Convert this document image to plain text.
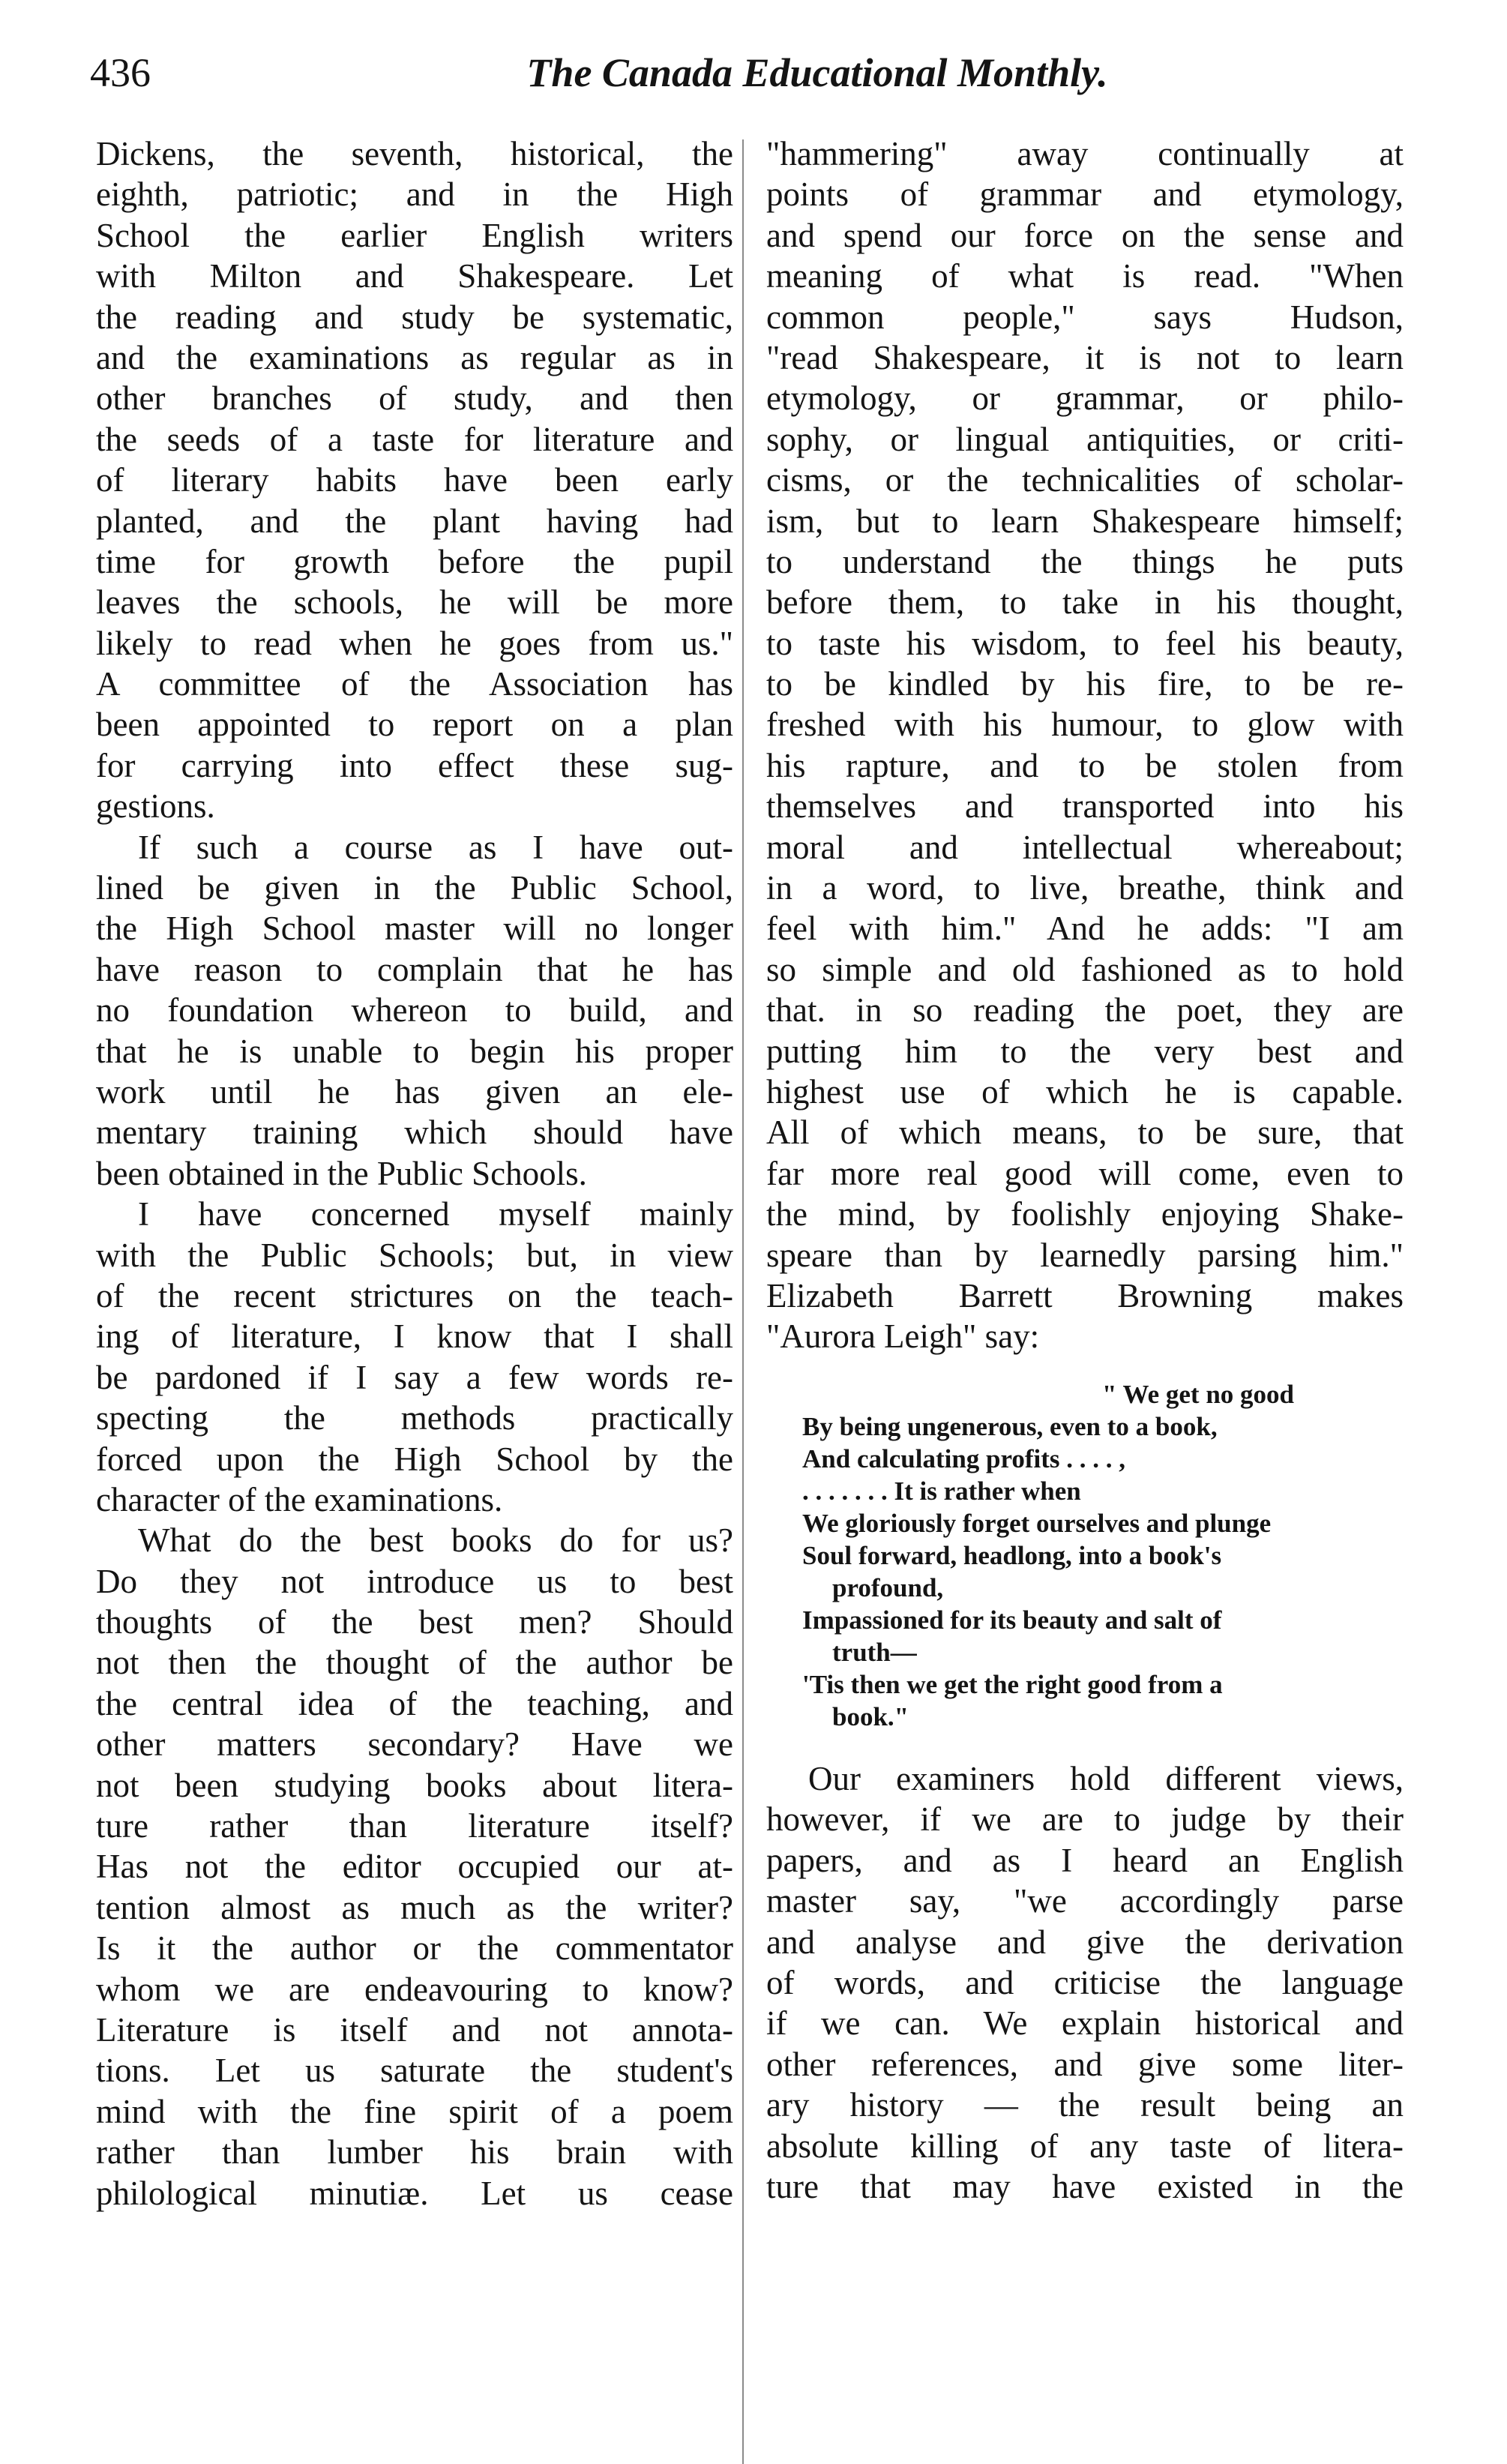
436	The Canada Educational Monthly.
Dickens, the seventh, historical, the
eighth, patriotic; and in the High
School the earlier English writers
with Milton and Shakespeare. Let
the reading and study be systematic,
and the examinations as regular as in
other branches of study, and then
the seeds of a taste for literature and
of literary habits have been early
planted, and the plant having had
time for growth before the pupil
leaves the schools, he will be more
likely to read when he goes from us."
A committee of the Association has
been appointed to report on a plan
for carrying into effect these sug-
gestions.
If such a course as I have out-
lined be given in the Public School,
the High School master will no longer
have reason to complain that he has
no foundation whereon to build, and
that he is unable to begin his proper
work until he has given an ele-
mentary training which should have
been obtained in the Public Schools.
I have concerned myself mainly
with the Public Schools; but, in view
of the recent strictures on the teach-
ing of literature, I know that I shall
be pardoned if I say a few words re-
specting the methods practically
forced upon the High School by the
character of the examinations.
What do the best books do for us?
Do they not introduce us to best
thoughts of the best men? Should
not then the thought of the author be
the central idea of the teaching, and
other matters secondary? Have we
not been studying books about litera-
ture rather than literature itself?
Has not the editor occupied our at-
tention almost as much as the writer?
Is it the author or the commentator
whom we are endeavouring to know?
Literature is itself and not annota-
tions. Let us saturate the student's
mind with the fine spirit of a poem
rather than lumber his brain with
philological minutiæ. Let us cease
"hammering" away continually at
points of grammar and etymology,
and spend our force on the sense and
meaning of what is read. "When
common people," says Hudson,
"read Shakespeare, it is not to learn
etymology, or grammar, or philo-
sophy, or lingual antiquities, or criti-
cisms, or the technicalities of scholar-
ism, but to learn Shakespeare himself;
to understand the things he puts
before them, to take in his thought,
to taste his wisdom, to feel his beauty,
to be kindled by his fire, to be re-
freshed with his humour, to glow with
his rapture, and to be stolen from
themselves and transported into his
moral and intellectual whereabout;
in a word, to live, breathe, think and
feel with him." And he adds: "I am
so simple and old fashioned as to hold
that. in so reading the poet, they are
putting him to the very best and
highest use of which he is capable.
All of which means, to be sure, that
far more real good will come, even to
the mind, by foolishly enjoying Shake-
speare than by learnedly parsing him."
Elizabeth Barrett Browning makes
"Aurora Leigh" say:
" We get no good
By being ungenerous, even to a book,
And calculating profits . . . . ,
. . . . . . . It is rather when
We gloriously forget ourselves and plunge
Soul forward, headlong, into a book's
profound,
Impassioned for its beauty and salt of
truth—
'Tis then we get the right good from a
book."
Our examiners hold different views,
however, if we are to judge by their
papers, and as I heard an English
master say, "we accordingly parse
and analyse and give the derivation
of words, and criticise the language
if we can. We explain historical and
other references, and give some liter-
ary history — the result being an
absolute killing of any taste of litera-
ture that may have existed in the
